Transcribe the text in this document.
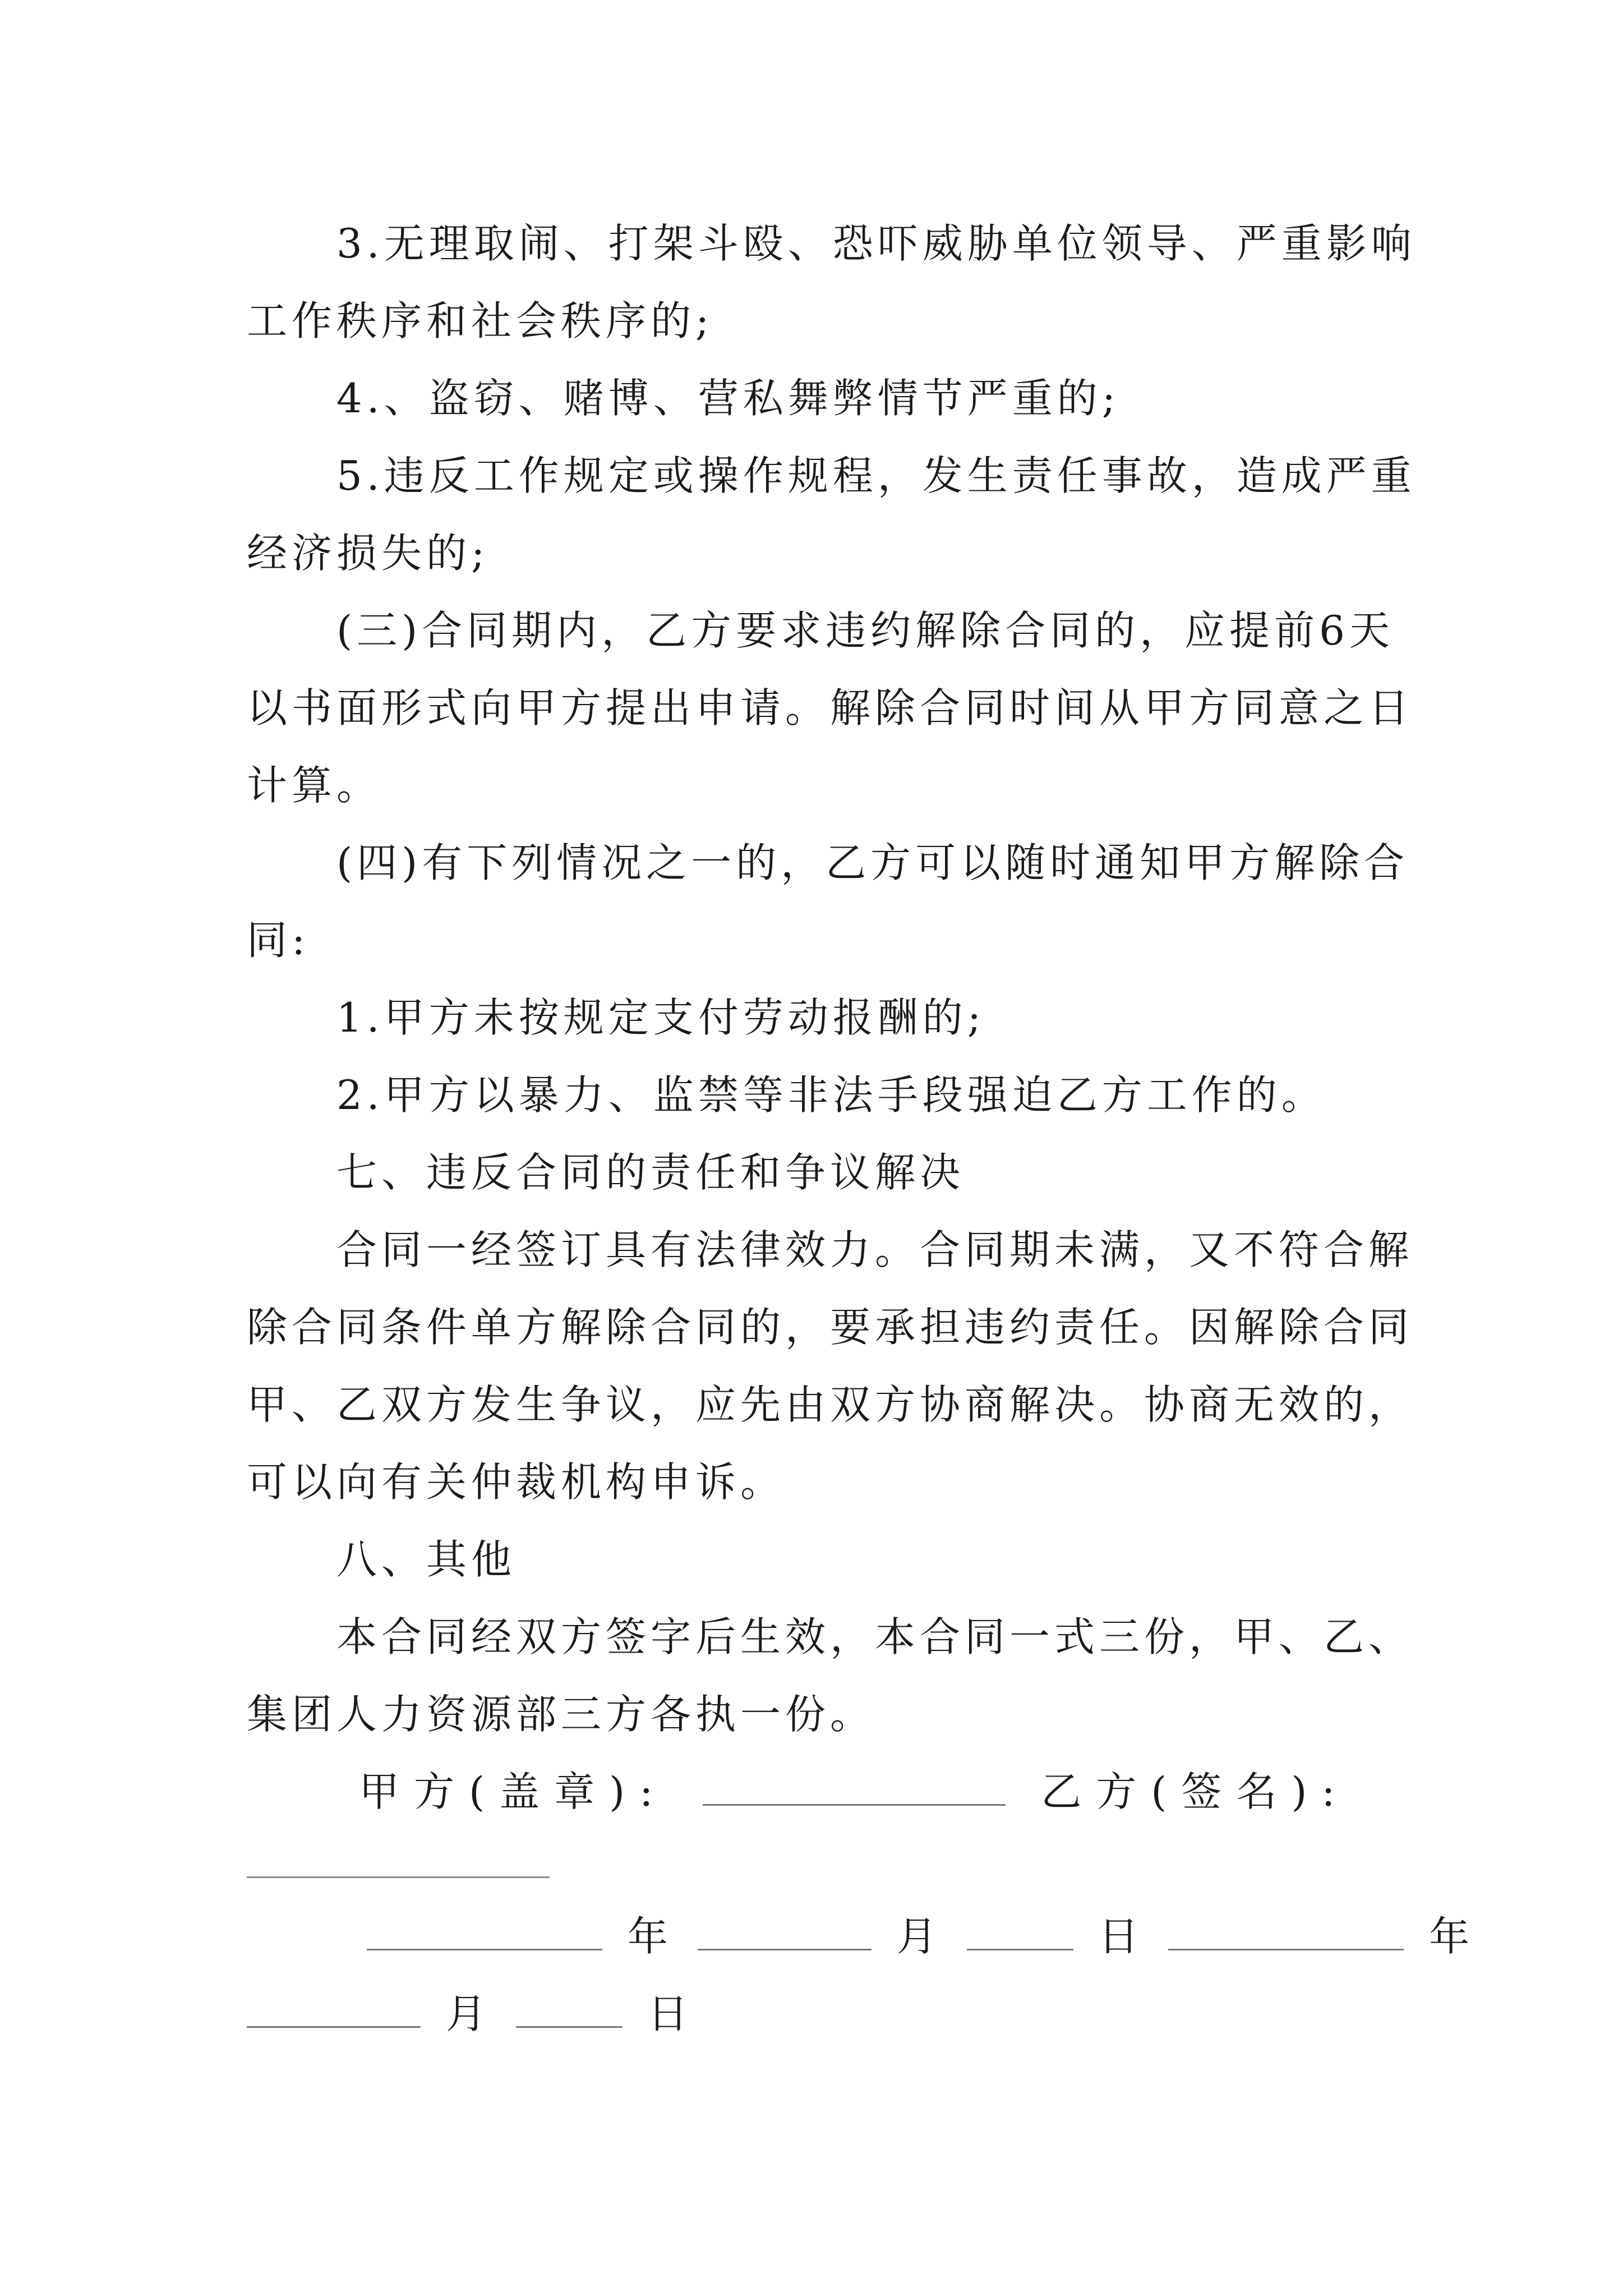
3.无理取闹、打架斗殴、恐吓威胁单位领导、严重影响
工作秩序和社会秩序的;
4.、盗窃、赌博、营私舞弊情节严重的;
5.违反工作规定或操作规程，发生责任事故，造成严重
经济损失的;
(三)合同期内，乙方要求违约解除合同的，应提前6天
以书面形式向甲方提出申请。解除合同时间从甲方同意之日
计算。
(四)有下列情况之一的，乙方可以随时通知甲方解除合
同:
1.甲方未按规定支付劳动报酬的;
2.甲方以暴力、监禁等非法手段强迫乙方工作的。
七、违反合同的责任和争议解决
合同一经签订具有法律效力。合同期未满，又不符合解
除合同条件单方解除合同的，要承担违约责任。因解除合同
甲、乙双方发生争议，应先由双方协商解决。协商无效的，
可以向有关仲裁机构申诉。
八、其他
本合同经双方签字后生效，本合同一式三份，甲、乙、
集团人力资源部三方各执一份。
甲方(盖章):	乙方(签名):
年	月	日	年
月	日
